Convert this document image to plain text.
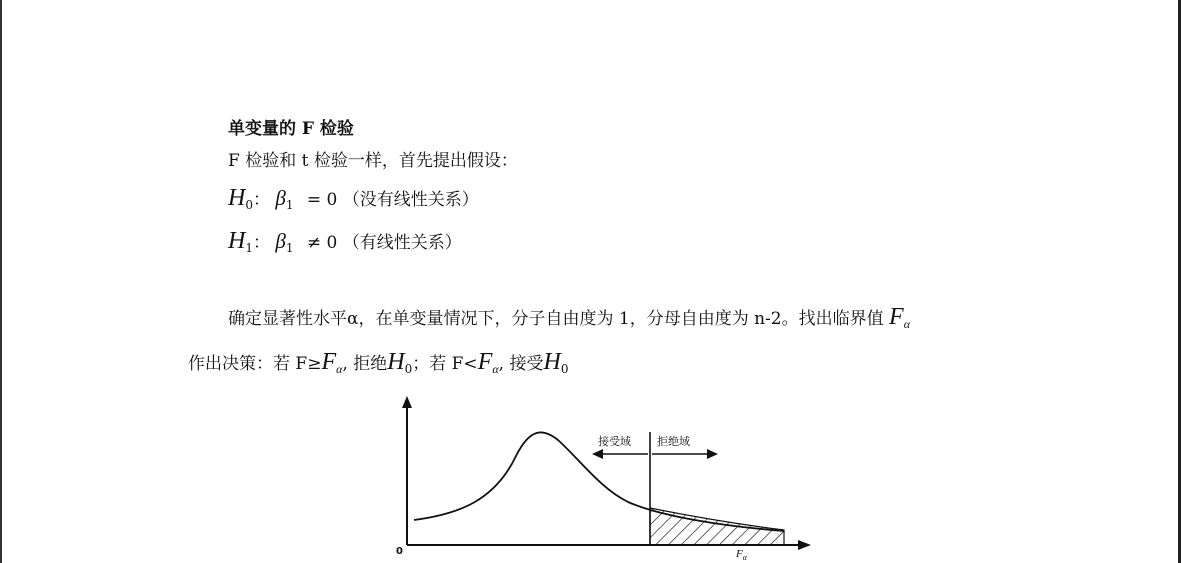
单变量的 F 检验
F 检验和 t 检验一样，首先提出假设：
$H_0$： $\beta_1 = 0$ （没有线性关系）
$H_1$： $\beta_1 \ne 0$ （有线性关系）
确定显著性水平α，在单变量情况下，分子自由度为 1，分母自由度为 n-2。找出临界值 $F_\alpha$
作出决策：若 $F\ge F_\alpha$, 拒绝$H_0$；若 $F<F_\alpha$, 接受$H_0$
接受域 拒绝域
0	$F_\alpha$
